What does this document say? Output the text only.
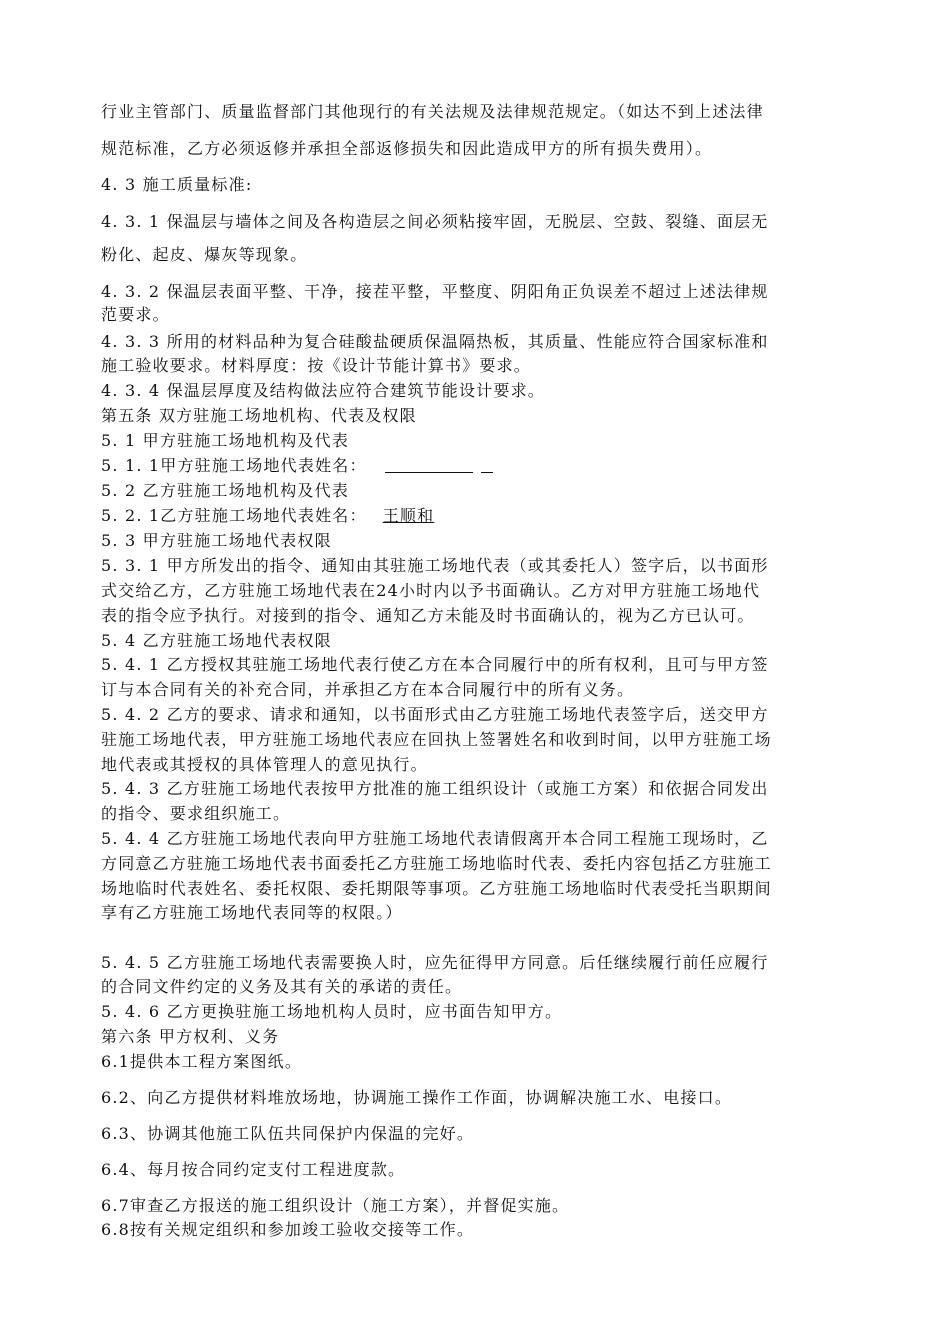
行业主管部门、质量监督部门其他现行的有关法规及法律规范规定。（如达不到上述法律
规范标准，乙方必须返修并承担全部返修损失和因此造成甲方的所有损失费用）。
4. 3 施工质量标准:
4. 3. 1 保温层与墙体之间及各构造层之间必须粘接牢固，无脱层、空鼓、裂缝、面层无
粉化、起皮、爆灰等现象。
4. 3. 2 保温层表面平整、干净，接茬平整，平整度、阴阳角正负误差不超过上述法律规
范要求。
4. 3. 3 所用的材料品种为复合硅酸盐硬质保温隔热板，其质量、性能应符合国家标准和
施工验收要求。材料厚度：按《设计节能计算书》要求。
4. 3. 4 保温层厚度及结构做法应符合建筑节能设计要求。
第五条 双方驻施工场地机构、代表及权限
5. 1 甲方驻施工场地机构及代表
5. 1. 1甲方驻施工场地代表姓名：
5. 2 乙方驻施工场地机构及代表
5. 2. 1乙方驻施工场地代表姓名： 王顺和
5. 3 甲方驻施工场地代表权限
5. 3. 1 甲方所发出的指令、通知由其驻施工场地代表（或其委托人）签字后，以书面形
式交给乙方，乙方驻施工场地代表在24小时内以予书面确认。乙方对甲方驻施工场地代
表的指令应予执行。对接到的指令、通知乙方未能及时书面确认的，视为乙方已认可。
5. 4 乙方驻施工场地代表权限
5. 4. 1 乙方授权其驻施工场地代表行使乙方在本合同履行中的所有权利，且可与甲方签
订与本合同有关的补充合同，并承担乙方在本合同履行中的所有义务。
5. 4. 2 乙方的要求、请求和通知，以书面形式由乙方驻施工场地代表签字后，送交甲方
驻施工场地代表，甲方驻施工场地代表应在回执上签署姓名和收到时间，以甲方驻施工场
地代表或其授权的具体管理人的意见执行。
5. 4. 3 乙方驻施工场地代表按甲方批准的施工组织设计（或施工方案）和依据合同发出
的指令、要求组织施工。
5. 4. 4 乙方驻施工场地代表向甲方驻施工场地代表请假离开本合同工程施工现场时，乙
方同意乙方驻施工场地代表书面委托乙方驻施工场地临时代表、委托内容包括乙方驻施工
场地临时代表姓名、委托权限、委托期限等事项。乙方驻施工场地临时代表受托当职期间
享有乙方驻施工场地代表同等的权限。）
5. 4. 5 乙方驻施工场地代表需要换人时，应先征得甲方同意。后任继续履行前任应履行
的合同文件约定的义务及其有关的承诺的责任。
5. 4. 6 乙方更换驻施工场地机构人员时，应书面告知甲方。
第六条 甲方权利、义务
6.1提供本工程方案图纸。
6.2、向乙方提供材料堆放场地，协调施工操作工作面，协调解决施工水、电接口。
6.3、协调其他施工队伍共同保护内保温的完好。
6.4、每月按合同约定支付工程进度款。
6.7审查乙方报送的施工组织设计（施工方案），并督促实施。
6.8按有关规定组织和参加竣工验收交接等工作。
